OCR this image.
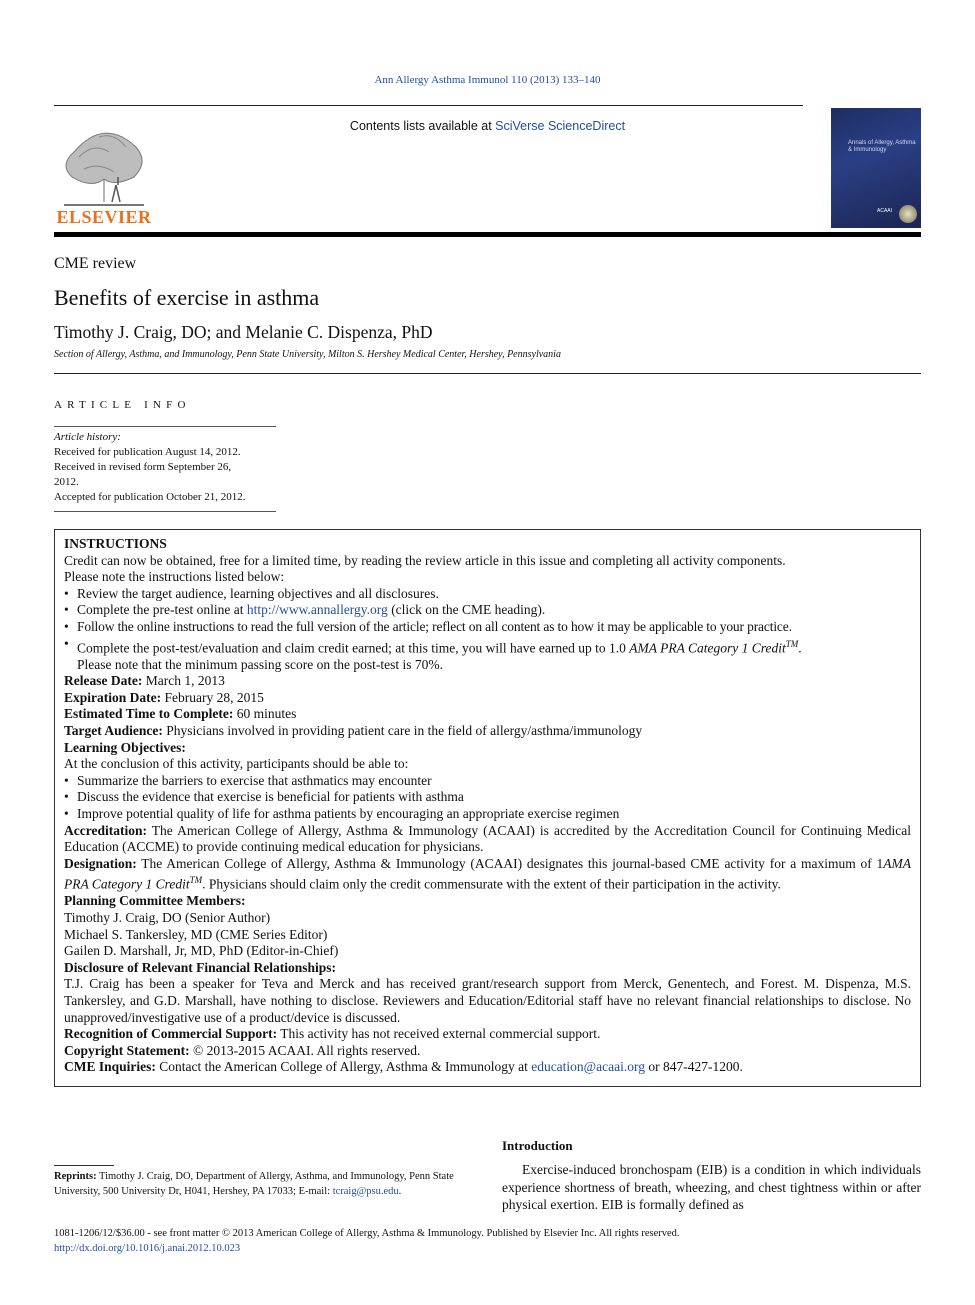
Ann Allergy Asthma Immunol 110 (2013) 133–140
Contents lists available at SciVerse ScienceDirect
ELSEVIER
Annals of Allergy, Asthma & Immunology
ACAAI
CME review
Benefits of exercise in asthma
Timothy J. Craig, DO; and Melanie C. Dispenza, PhD
Section of Allergy, Asthma, and Immunology, Penn State University, Milton S. Hershey Medical Center, Hershey, Pennsylvania
ARTICLE INFO
Article history:
Received for publication August 14, 2012.
Received in revised form September 26,
2012.
Accepted for publication October 21, 2012.
INSTRUCTIONS
Credit can now be obtained, free for a limited time, by reading the review article in this issue and completing all activity components.
Please note the instructions listed below:
• Review the target audience, learning objectives and all disclosures.
• Complete the pre-test online at http://www.annallergy.org (click on the CME heading).
• Follow the online instructions to read the full version of the article; reflect on all content as to how it may be applicable to your practice.
• Complete the post-test/evaluation and claim credit earned; at this time, you will have earned up to 1.0 AMA PRA Category 1 Credit™.
Please note that the minimum passing score on the post-test is 70%.
Release Date: March 1, 2013
Expiration Date: February 28, 2015
Estimated Time to Complete: 60 minutes
Target Audience: Physicians involved in providing patient care in the field of allergy/asthma/immunology
Learning Objectives:
At the conclusion of this activity, participants should be able to:
• Summarize the barriers to exercise that asthmatics may encounter
• Discuss the evidence that exercise is beneficial for patients with asthma
• Improve potential quality of life for asthma patients by encouraging an appropriate exercise regimen
Accreditation: The American College of Allergy, Asthma & Immunology (ACAAI) is accredited by the Accreditation Council for Continuing Medical Education (ACCME) to provide continuing medical education for physicians.
Designation: The American College of Allergy, Asthma & Immunology (ACAAI) designates this journal-based CME activity for a maximum of 1AMA PRA Category 1 Credit™. Physicians should claim only the credit commensurate with the extent of their participation in the activity.
Planning Committee Members:
Timothy J. Craig, DO (Senior Author)
Michael S. Tankersley, MD (CME Series Editor)
Gailen D. Marshall, Jr, MD, PhD (Editor-in-Chief)
Disclosure of Relevant Financial Relationships:
T.J. Craig has been a speaker for Teva and Merck and has received grant/research support from Merck, Genentech, and Forest. M. Dispenza, M.S. Tankersley, and G.D. Marshall, have nothing to disclose. Reviewers and Education/Editorial staff have no relevant financial relationships to disclose. No unapproved/investigative use of a product/device is discussed.
Recognition of Commercial Support: This activity has not received external commercial support.
Copyright Statement: © 2013-2015 ACAAI. All rights reserved.
CME Inquiries: Contact the American College of Allergy, Asthma & Immunology at education@acaai.org or 847-427-1200.
Introduction
Exercise-induced bronchospam (EIB) is a condition in which individuals experience shortness of breath, wheezing, and chest tightness within or after physical exertion. EIB is formally defined as
Reprints: Timothy J. Craig, DO, Department of Allergy, Asthma, and Immunology, Penn State University, 500 University Dr, H041, Hershey, PA 17033; E-mail: tcraig@psu.edu.
1081-1206/12/$36.00 - see front matter © 2013 American College of Allergy, Asthma & Immunology. Published by Elsevier Inc. All rights reserved.
http://dx.doi.org/10.1016/j.anai.2012.10.023
